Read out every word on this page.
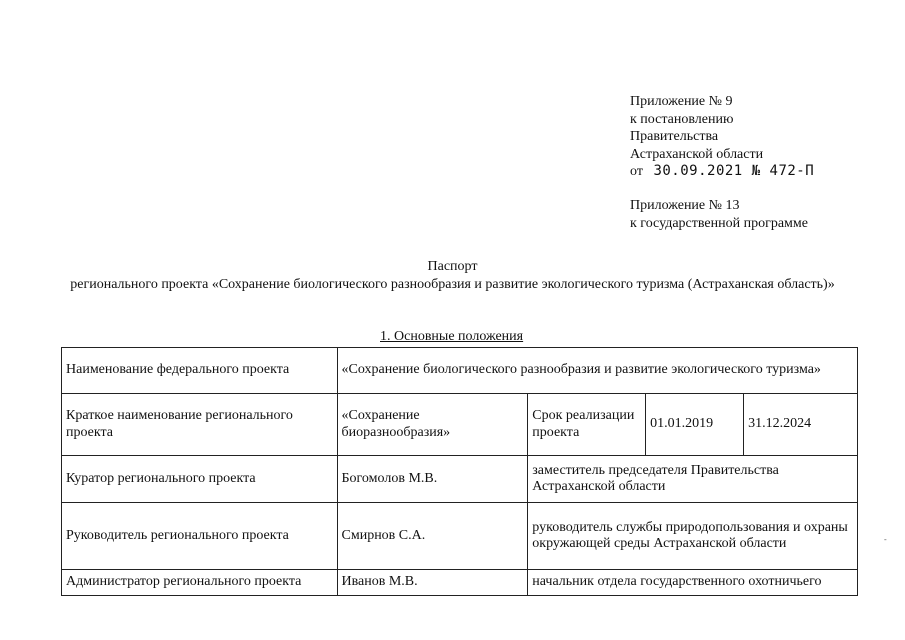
Приложение № 9
к постановлению
Правительства
Астраханской области
от 30.09.2021 № 472-П
Приложение № 13
к государственной программе
Паспорт
регионального проекта «Сохранение биологического разнообразия и развитие экологического туризма (Астраханская область)»
1. Основные положения
Наименование федерального проекта	«Сохранение биологического разнообразия и развитие экологического туризма»			
Краткое наименование регионального проекта	«Сохранение биоразнообразия»	Срок реализации проекта	01.01.2019	31.12.2024
Куратор регионального проекта	Богомолов М.В.	заместитель председателя Правительства Астраханской области		
Руководитель регионального проекта	Смирнов С.А.	руководитель службы природопользования и охраны окружающей среды Астраханской области		
Администратор регионального проекта	Иванов М.В.	начальник отдела государственного охотничьего		
-
